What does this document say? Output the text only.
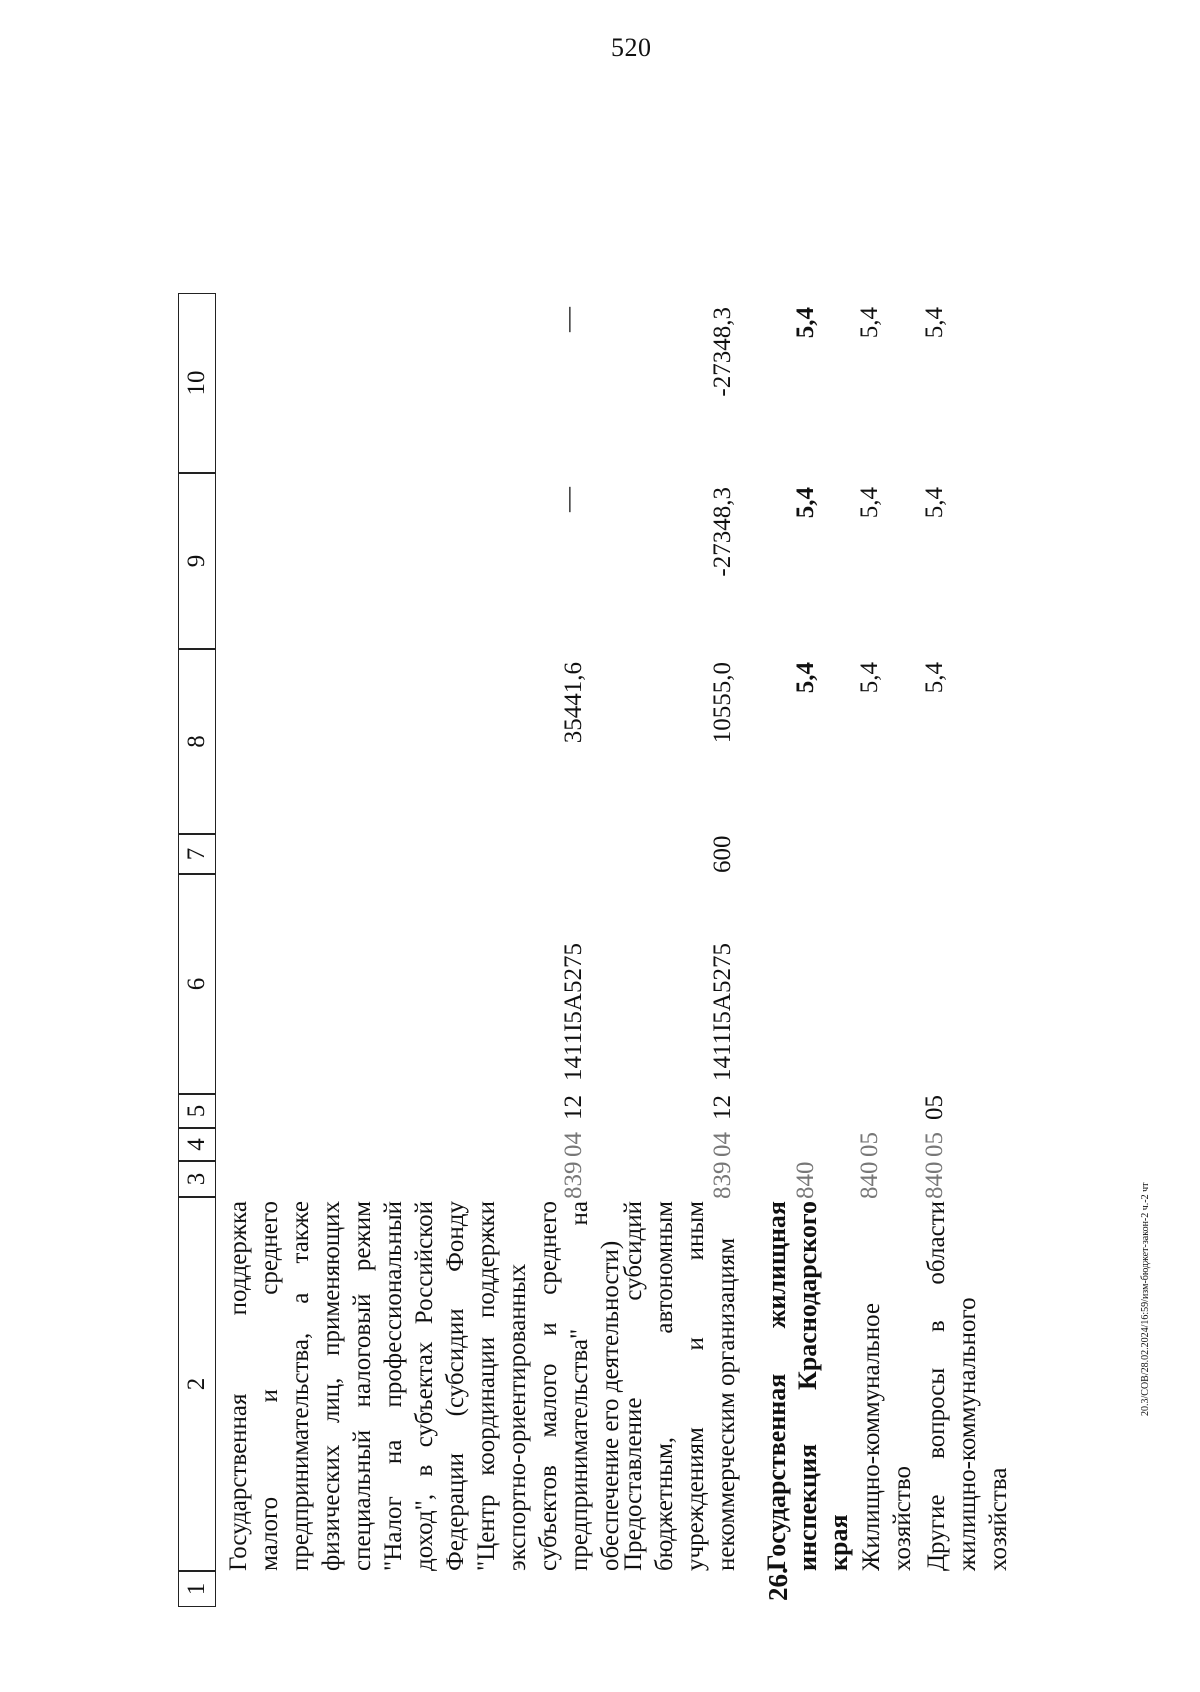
520
1
2
3
4
5
6
7
8
9
10
Государственная поддержка малого и среднего предпринимательства, а также физических лиц, применяющих специальный налоговый режим "Налог на профессиональный доход", в субъектах Российской Федерации (субсидии Фонду "Центр координации поддержки экспортно-ориентированных субъектов малого и среднего предпринимательства" на обеспечение его деятельности)
839
04
12
1411I5A5275
35441,6
—
—
Предоставление субсидий бюджетным, автономным учреждениям и иным некоммерческим организациям
839
04
12
1411I5A5275
600
10555,0
-27348,3
-27348,3
26.
Государственная жилищная инспекция Краснодарского края
840
5,4
5,4
5,4
Жилищно-коммунальное хозяйство
840
05
5,4
5,4
5,4
Другие вопросы в области жилищно-коммунального хозяйства
840
05
05
5,4
5,4
5,4
20.3/СОВ/28.02.2024/16:59/изм-бюджет-закон-2 ч.-2 чт
